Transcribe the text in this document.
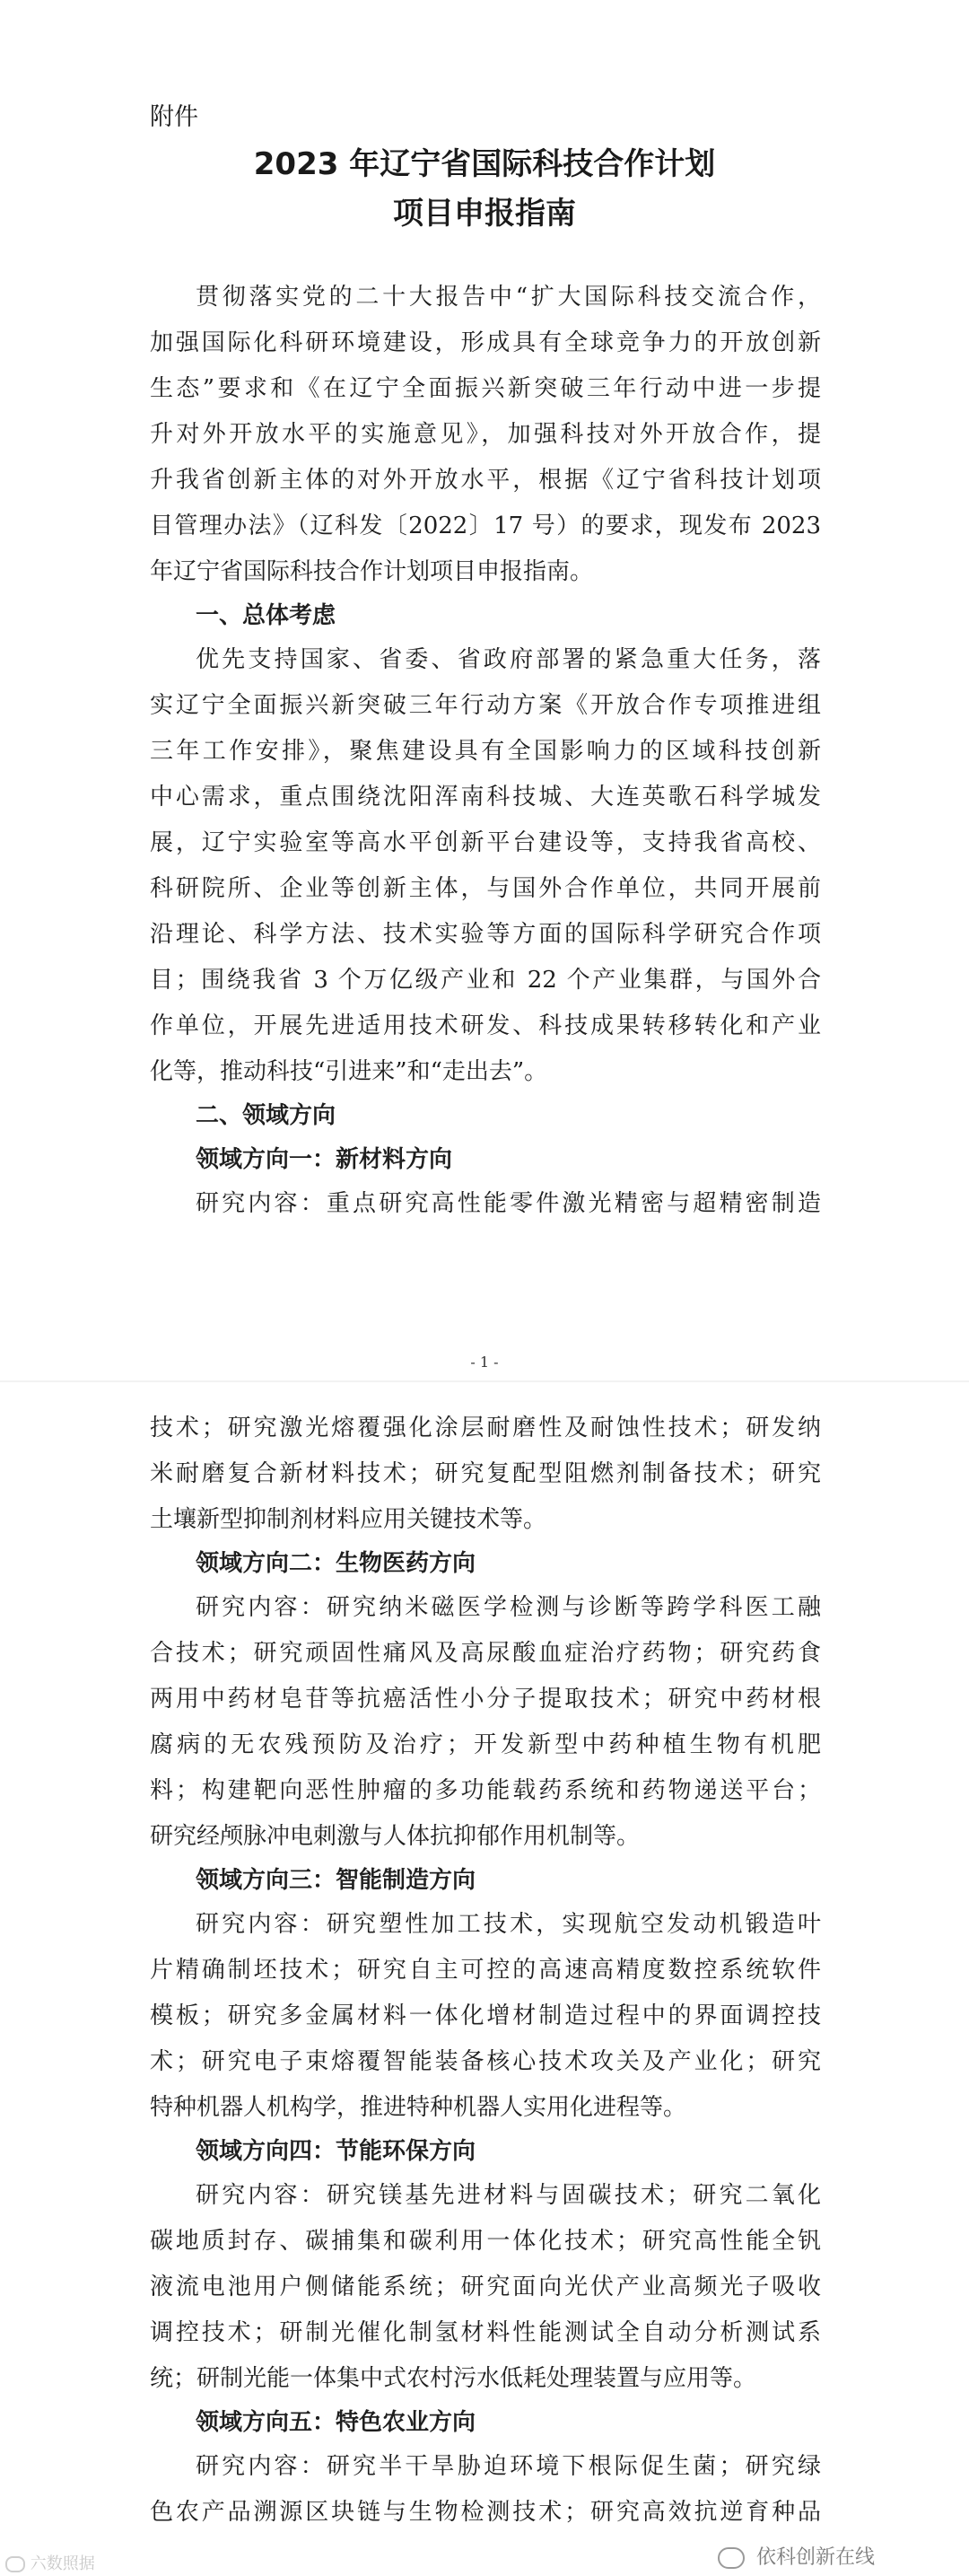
附件
2023 年辽宁省国际科技合作计划
项目申报指南
贯彻落实党的二十大报告中“扩大国际科技交流合作，
加强国际化科研环境建设，形成具有全球竞争力的开放创新
生态”要求和《在辽宁全面振兴新突破三年行动中进一步提
升对外开放水平的实施意见》，加强科技对外开放合作，提
升我省创新主体的对外开放水平，根据《辽宁省科技计划项
目管理办法》（辽科发〔2022〕17 号）的要求，现发布 2023
年辽宁省国际科技合作计划项目申报指南。
一、总体考虑
优先支持国家、省委、省政府部署的紧急重大任务，落
实辽宁全面振兴新突破三年行动方案《开放合作专项推进组
三年工作安排》，聚焦建设具有全国影响力的区域科技创新
中心需求，重点围绕沈阳浑南科技城、大连英歌石科学城发
展，辽宁实验室等高水平创新平台建设等，支持我省高校、
科研院所、企业等创新主体，与国外合作单位，共同开展前
沿理论、科学方法、技术实验等方面的国际科学研究合作项
目；围绕我省 3 个万亿级产业和 22 个产业集群，与国外合
作单位，开展先进适用技术研发、科技成果转移转化和产业
化等，推动科技“引进来”和“走出去”。
二、领域方向
领域方向一：新材料方向
研究内容：重点研究高性能零件激光精密与超精密制造
- 1 -
技术；研究激光熔覆强化涂层耐磨性及耐蚀性技术；研发纳
米耐磨复合新材料技术；研究复配型阻燃剂制备技术；研究
土壤新型抑制剂材料应用关键技术等。
领域方向二：生物医药方向
研究内容：研究纳米磁医学检测与诊断等跨学科医工融
合技术；研究顽固性痛风及高尿酸血症治疗药物；研究药食
两用中药材皂苷等抗癌活性小分子提取技术；研究中药材根
腐病的无农残预防及治疗；开发新型中药种植生物有机肥
料；构建靶向恶性肿瘤的多功能载药系统和药物递送平台；
研究经颅脉冲电刺激与人体抗抑郁作用机制等。
领域方向三：智能制造方向
研究内容：研究塑性加工技术，实现航空发动机锻造叶
片精确制坯技术；研究自主可控的高速高精度数控系统软件
模板；研究多金属材料一体化增材制造过程中的界面调控技
术；研究电子束熔覆智能装备核心技术攻关及产业化；研究
特种机器人机构学，推进特种机器人实用化进程等。
领域方向四：节能环保方向
研究内容：研究镁基先进材料与固碳技术；研究二氧化
碳地质封存、碳捕集和碳利用一体化技术；研究高性能全钒
液流电池用户侧储能系统；研究面向光伏产业高频光子吸收
调控技术；研制光催化制氢材料性能测试全自动分析测试系
统；研制光能一体集中式农村污水低耗处理装置与应用等。
领域方向五：特色农业方向
研究内容：研究半干旱胁迫环境下根际促生菌；研究绿
色农产品溯源区块链与生物检测技术；研究高效抗逆育种品
六数照据	依科创新在线
